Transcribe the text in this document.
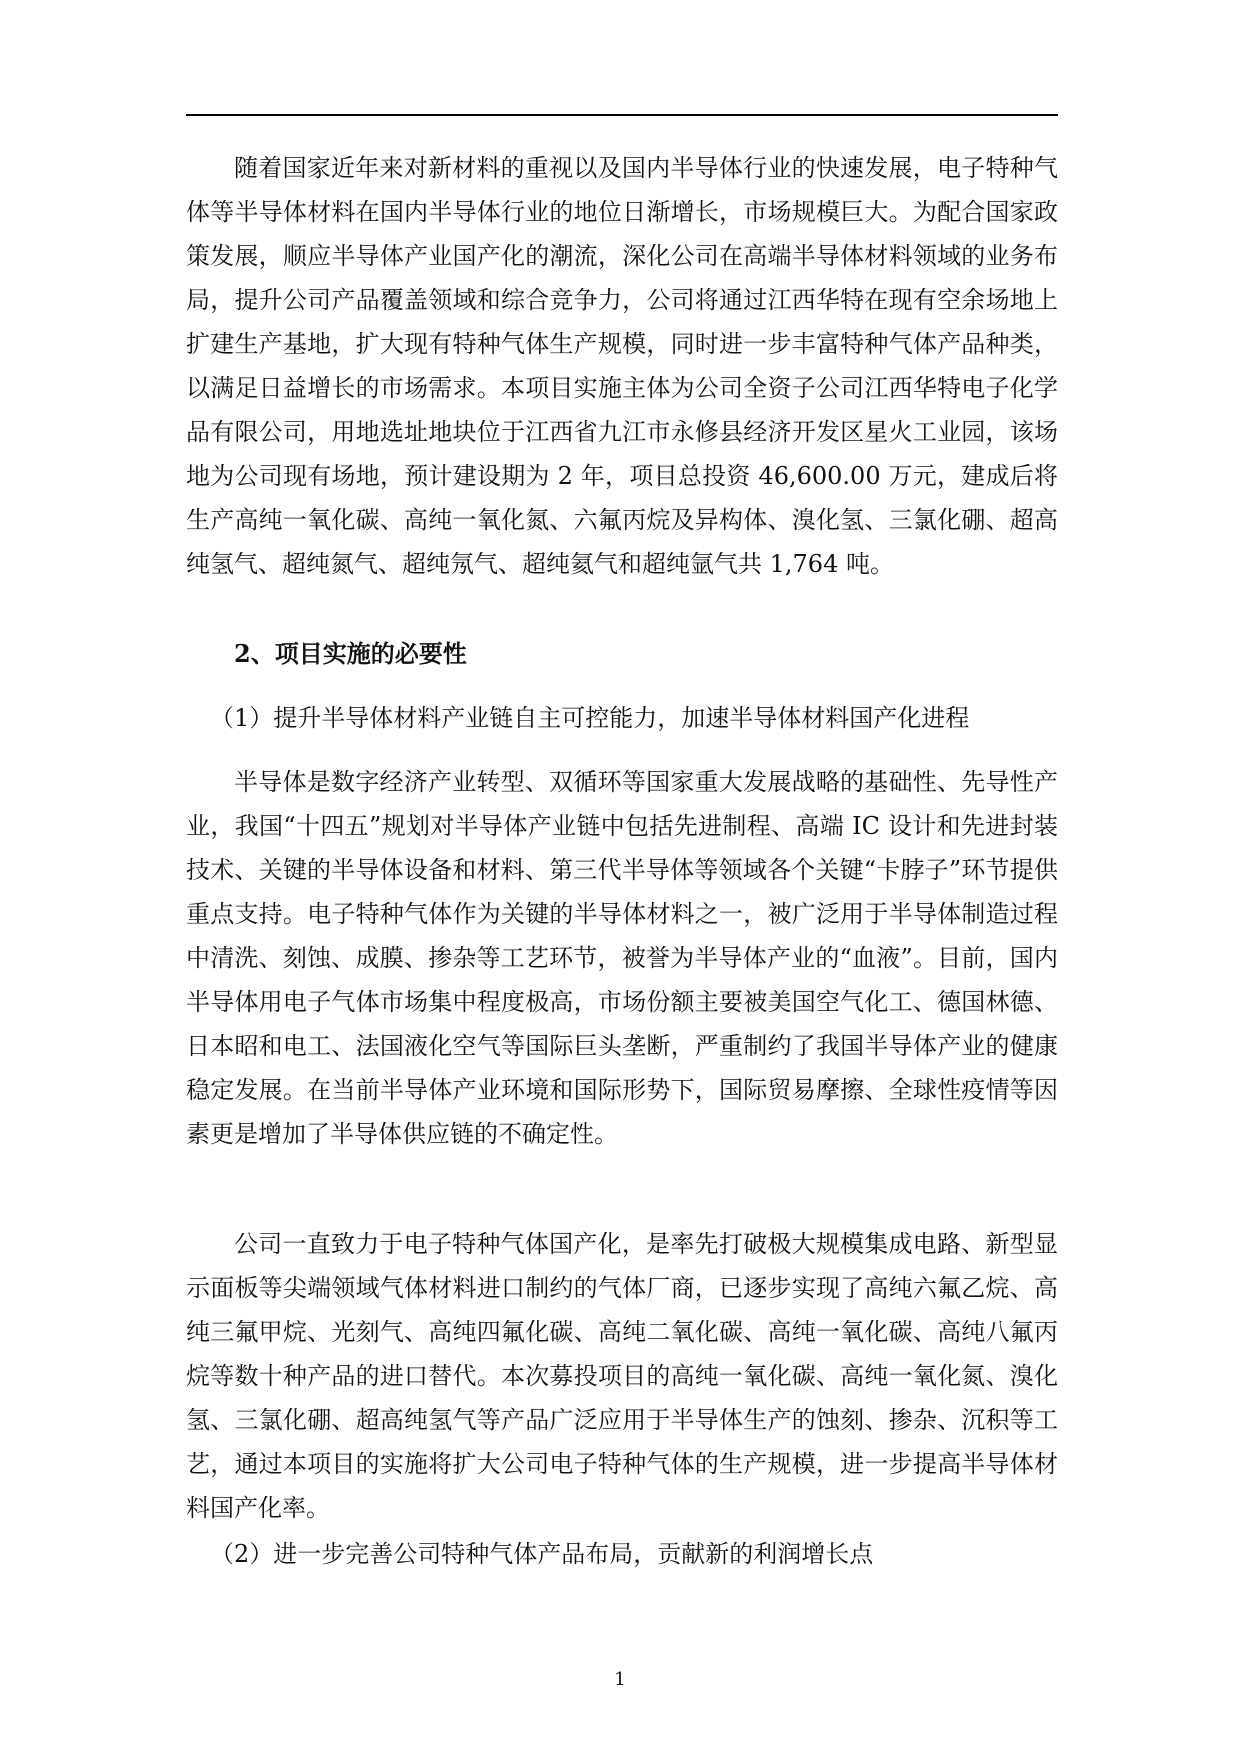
随着国家近年来对新材料的重视以及国内半导体行业的快速发展，电子特种气体等半导体材料在国内半导体行业的地位日渐增长，市场规模巨大。为配合国家政策发展，顺应半导体产业国产化的潮流，深化公司在高端半导体材料领域的业务布局，提升公司产品覆盖领域和综合竞争力，公司将通过江西华特在现有空余场地上扩建生产基地，扩大现有特种气体生产规模，同时进一步丰富特种气体产品种类，以满足日益增长的市场需求。本项目实施主体为公司全资子公司江西华特电子化学品有限公司，用地选址地块位于江西省九江市永修县经济开发区星火工业园，该场地为公司现有场地，预计建设期为 2 年，项目总投资 46,600.00 万元，建成后将生产高纯一氧化碳、高纯一氧化氮、六氟丙烷及异构体、溴化氢、三氯化硼、超高纯氢气、超纯氮气、超纯氖气、超纯氦气和超纯氩气共 1,764 吨。

2、项目实施的必要性

（1）提升半导体材料产业链自主可控能力，加速半导体材料国产化进程

半导体是数字经济产业转型、双循环等国家重大发展战略的基础性、先导性产业，我国“十四五”规划对半导体产业链中包括先进制程、高端 IC 设计和先进封装技术、关键的半导体设备和材料、第三代半导体等领域各个关键“卡脖子”环节提供重点支持。电子特种气体作为关键的半导体材料之一，被广泛用于半导体制造过程中清洗、刻蚀、成膜、掺杂等工艺环节，被誉为半导体产业的“血液”。目前，国内半导体用电子气体市场集中程度极高，市场份额主要被美国空气化工、德国林德、日本昭和电工、法国液化空气等国际巨头垄断，严重制约了我国半导体产业的健康稳定发展。在当前半导体产业环境和国际形势下，国际贸易摩擦、全球性疫情等因素更是增加了半导体供应链的不确定性。

公司一直致力于电子特种气体国产化，是率先打破极大规模集成电路、新型显示面板等尖端领域气体材料进口制约的气体厂商，已逐步实现了高纯六氟乙烷、高纯三氟甲烷、光刻气、高纯四氟化碳、高纯二氧化碳、高纯一氧化碳、高纯八氟丙烷等数十种产品的进口替代。本次募投项目的高纯一氧化碳、高纯一氧化氮、溴化氢、三氯化硼、超高纯氢气等产品广泛应用于半导体生产的蚀刻、掺杂、沉积等工艺，通过本项目的实施将扩大公司电子特种气体的生产规模，进一步提高半导体材料国产化率。

（2）进一步完善公司特种气体产品布局，贡献新的利润增长点

1
